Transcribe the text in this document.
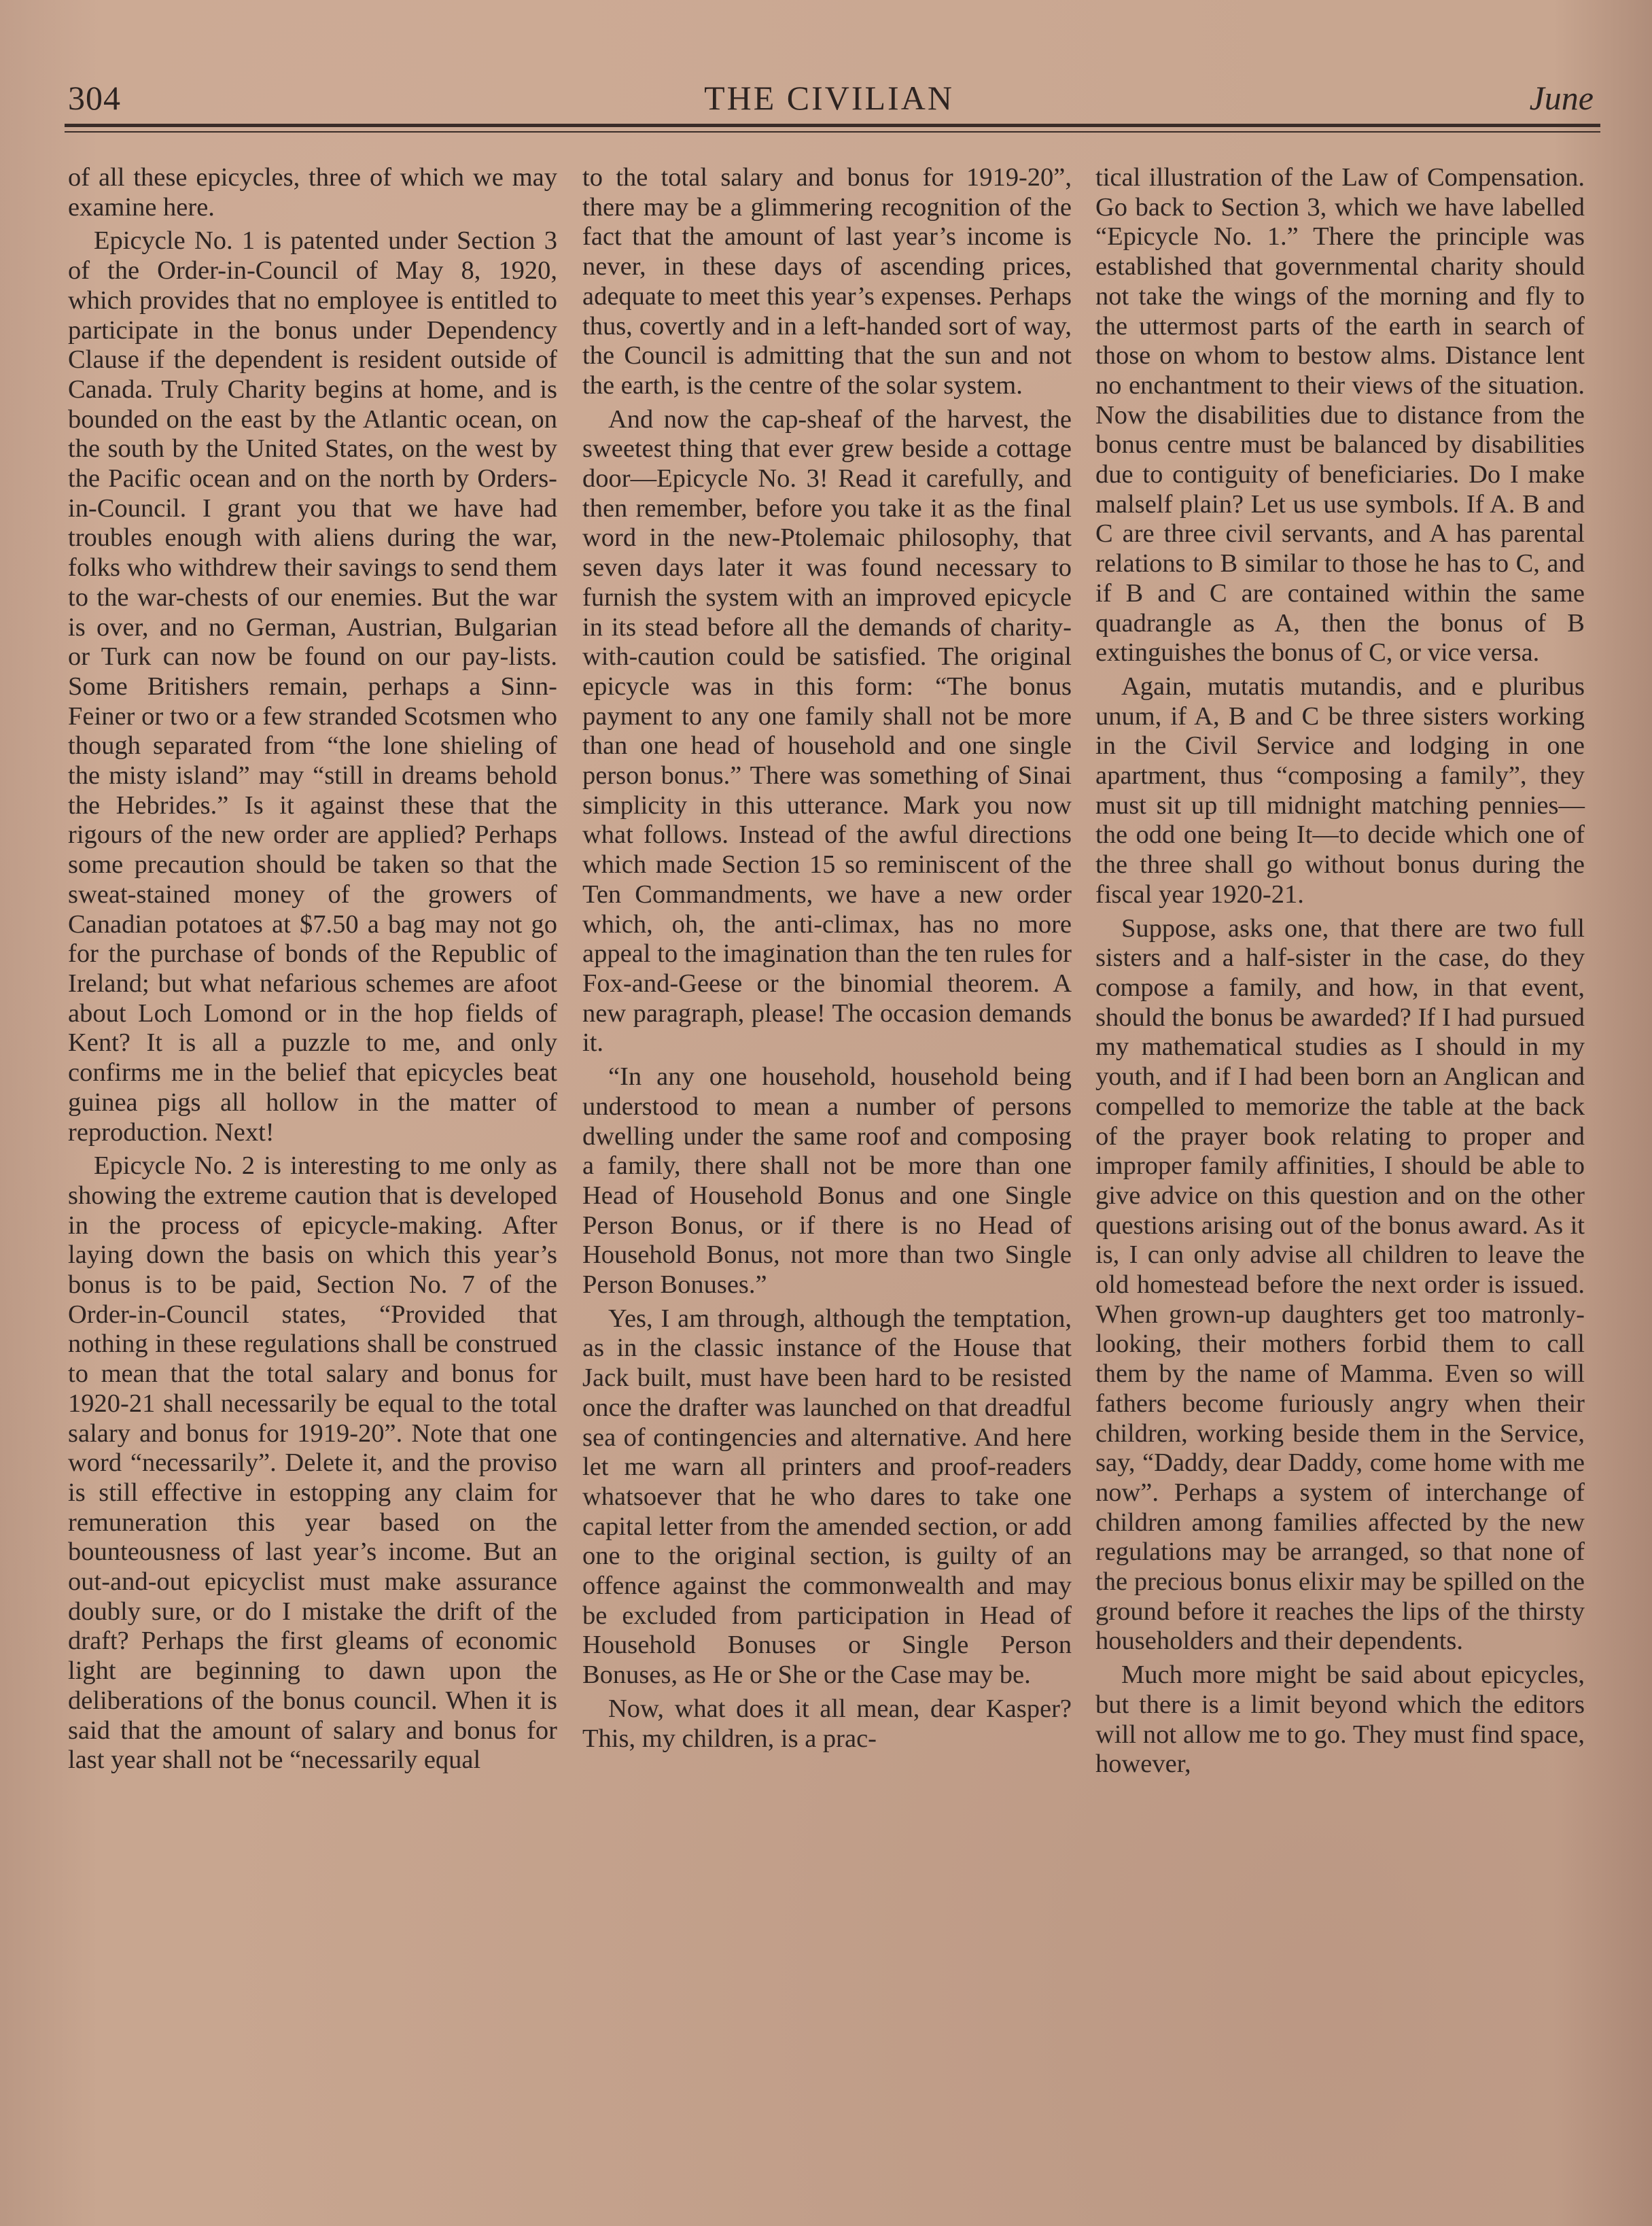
304	THE CIVILIAN	June

of all these epicycles, three of which we may examine here.

Epicycle No. 1 is patented under Section 3 of the Order-in-Council of May 8, 1920, which provides that no employee is entitled to participate in the bonus under Dependency Clause if the dependent is resident outside of Canada. Truly Charity begins at home, and is bounded on the east by the Atlantic ocean, on the south by the United States, on the west by the Pacific ocean and on the north by Orders-in-Council. I grant you that we have had troubles enough with aliens during the war, folks who withdrew their savings to send them to the war-chests of our enemies. But the war is over, and no German, Austrian, Bulgarian or Turk can now be found on our pay-lists. Some Britishers remain, perhaps a Sinn-Feiner or two or a few stranded Scotsmen who though separated from “the lone shieling of the misty island” may “still in dreams behold the Hebrides.” Is it against these that the rigours of the new order are applied? Perhaps some precaution should be taken so that the sweat-stained money of the growers of Canadian potatoes at $7.50 a bag may not go for the purchase of bonds of the Republic of Ireland; but what nefarious schemes are afoot about Loch Lomond or in the hop fields of Kent? It is all a puzzle to me, and only confirms me in the belief that epicycles beat guinea pigs all hollow in the matter of reproduction. Next!

Epicycle No. 2 is interesting to me only as showing the extreme caution that is developed in the process of epicycle-making. After laying down the basis on which this year’s bonus is to be paid, Section No. 7 of the Order-in-Council states, “Provided that nothing in these regulations shall be construed to mean that the total salary and bonus for 1920-21 shall necessarily be equal to the total salary and bonus for 1919-20”. Note that one word “necessarily”. Delete it, and the proviso is still effective in estopping any claim for remuneration this year based on the bounteousness of last year’s income. But an out-and-out epicyclist must make assurance doubly sure, or do I mistake the drift of the draft? Perhaps the first gleams of economic light are beginning to dawn upon the deliberations of the bonus council. When it is said that the amount of salary and bonus for last year shall not be “necessarily equal

to the total salary and bonus for 1919-20”, there may be a glimmering recognition of the fact that the amount of last year’s income is never, in these days of ascending prices, adequate to meet this year’s expenses. Perhaps thus, covertly and in a left-handed sort of way, the Council is admitting that the sun and not the earth, is the centre of the solar system.

And now the cap-sheaf of the harvest, the sweetest thing that ever grew beside a cottage door—Epicycle No. 3! Read it carefully, and then remember, before you take it as the final word in the new-Ptolemaic philosophy, that seven days later it was found necessary to furnish the system with an improved epicycle in its stead before all the demands of charity-with-caution could be satisfied. The original epicycle was in this form: “The bonus payment to any one family shall not be more than one head of household and one single person bonus.” There was something of Sinai simplicity in this utterance. Mark you now what follows. Instead of the awful directions which made Section 15 so reminiscent of the Ten Commandments, we have a new order which, oh, the anti-climax, has no more appeal to the imagination than the ten rules for Fox-and-Geese or the binomial theorem. A new paragraph, please! The occasion demands it.

“In any one household, household being understood to mean a number of persons dwelling under the same roof and composing a family, there shall not be more than one Head of Household Bonus and one Single Person Bonus, or if there is no Head of Household Bonus, not more than two Single Person Bonuses.”

Yes, I am through, although the temptation, as in the classic instance of the House that Jack built, must have been hard to be resisted once the drafter was launched on that dreadful sea of contingencies and alternative. And here let me warn all printers and proof-readers whatsoever that he who dares to take one capital letter from the amended section, or add one to the original section, is guilty of an offence against the commonwealth and may be excluded from participation in Head of Household Bonuses or Single Person Bonuses, as He or She or the Case may be.

Now, what does it all mean, dear Kasper? This, my children, is a prac-

tical illustration of the Law of Compensation. Go back to Section 3, which we have labelled “Epicycle No. 1.” There the principle was established that governmental charity should not take the wings of the morning and fly to the uttermost parts of the earth in search of those on whom to bestow alms. Distance lent no enchantment to their views of the situation. Now the disabilities due to distance from the bonus centre must be balanced by disabilities due to contiguity of beneficiaries. Do I make malself plain? Let us use symbols. If A. B and C are three civil servants, and A has parental relations to B similar to those he has to C, and if B and C are contained within the same quadrangle as A, then the bonus of B extinguishes the bonus of C, or vice versa.

Again, mutatis mutandis, and e pluribus unum, if A, B and C be three sisters working in the Civil Service and lodging in one apartment, thus “composing a family”, they must sit up till midnight matching pennies—the odd one being It—to decide which one of the three shall go without bonus during the fiscal year 1920-21.

Suppose, asks one, that there are two full sisters and a half-sister in the case, do they compose a family, and how, in that event, should the bonus be awarded? If I had pursued my mathematical studies as I should in my youth, and if I had been born an Anglican and compelled to memorize the table at the back of the prayer book relating to proper and improper family affinities, I should be able to give advice on this question and on the other questions arising out of the bonus award. As it is, I can only advise all children to leave the old homestead before the next order is issued. When grown-up daughters get too matronly-looking, their mothers forbid them to call them by the name of Mamma. Even so will fathers become furiously angry when their children, working beside them in the Service, say, “Daddy, dear Daddy, come home with me now”. Perhaps a system of interchange of children among families affected by the new regulations may be arranged, so that none of the precious bonus elixir may be spilled on the ground before it reaches the lips of the thirsty householders and their dependents.

Much more might be said about epicycles, but there is a limit beyond which the editors will not allow me to go. They must find space, however,
